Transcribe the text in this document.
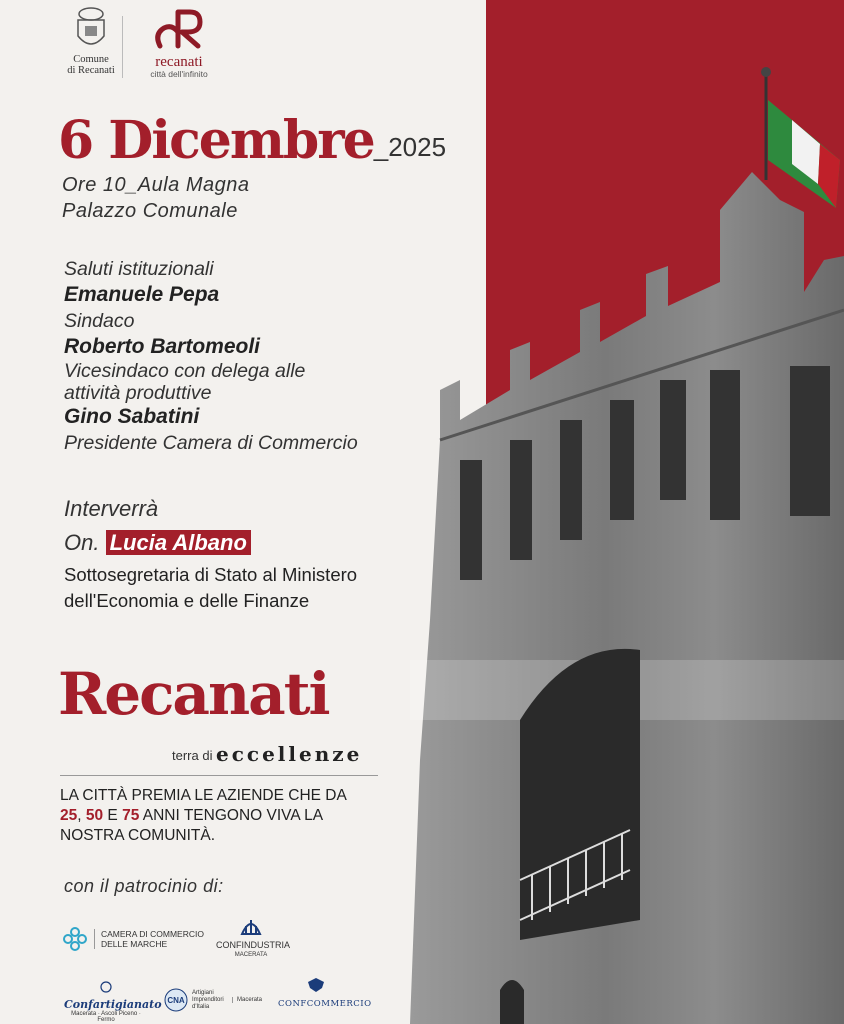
Comune
di Recanati
recanati
città dell'infinito
6 Dicembre_2025
Ore 10_Aula Magna
Palazzo Comunale
Saluti istituzionali
Emanuele Pepa
Sindaco
Roberto Bartomeoli
Vicesindaco con delega alle
attività produttive
Gino Sabatini
Presidente Camera di Commercio
Interverrà
On. Lucia Albano
Sottosegretaria di Stato al Ministero
dell'Economia e delle Finanze
Recanati
terra di eccellenze
LA CITTÀ PREMIA LE AZIENDE CHE DA
25, 50 E 75 ANNI TENGONO VIVA LA
NOSTRA COMUNITÀ.
con il patrocinio di:
CAMERA DI COMMERCIO
DELLE MARCHE	CONFINDUSTRIA
MACERATA
Confartigianato
Macerata · Ascoli Piceno · Fermo
CNA
Artigiani Imprenditori d'Italia
Macerata CONFCOMMERCIO
